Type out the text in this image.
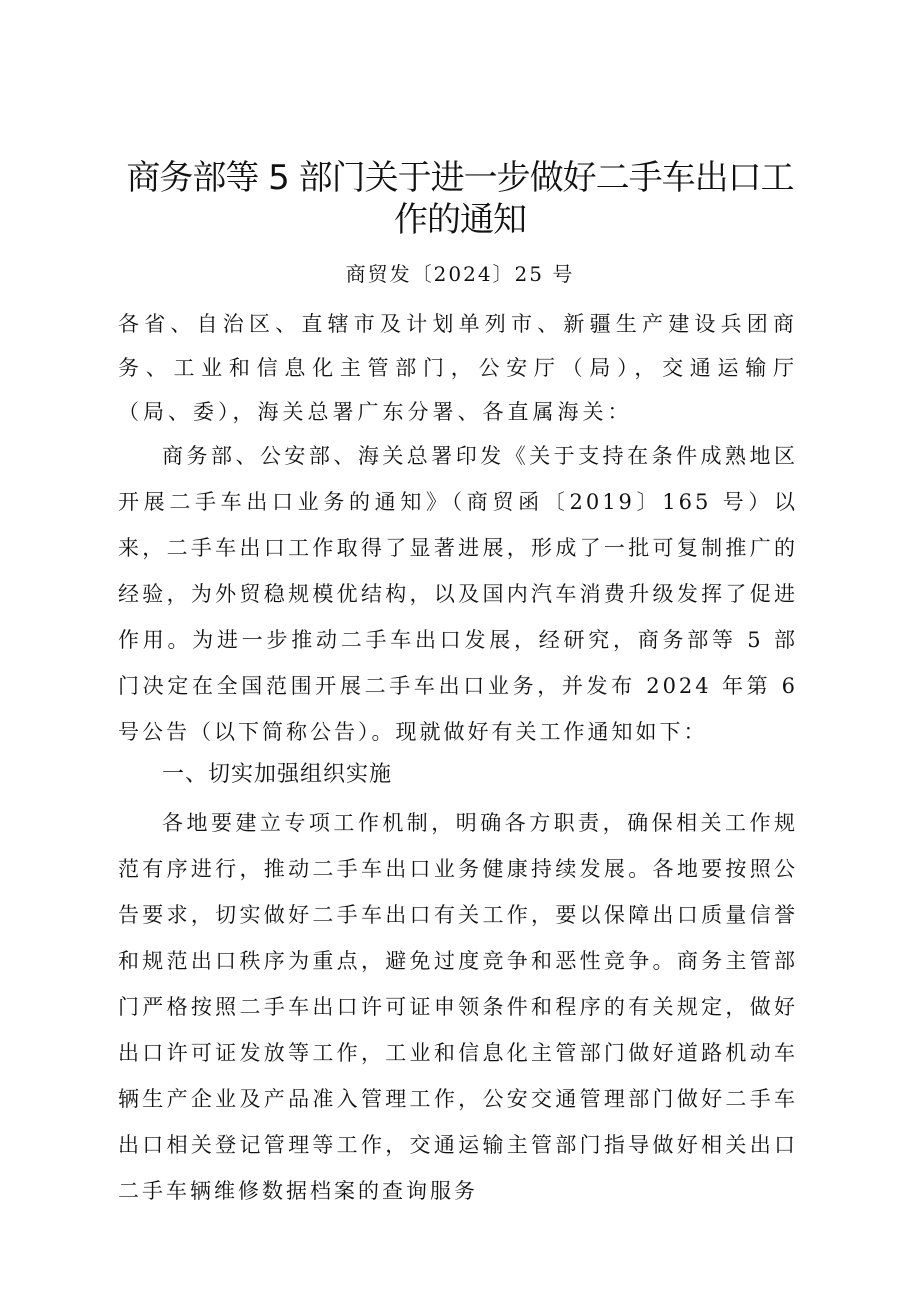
商务部等 5 部门关于进一步做好二手车出口工
作的通知
商贸发〔2024〕25 号
各省、自治区、直辖市及计划单列市、新疆生产建设兵团商务、工业和信息化主管部门，公安厅（局），交通运输厅（局、委），海关总署广东分署、各直属海关：
商务部、公安部、海关总署印发《关于支持在条件成熟地区开展二手车出口业务的通知》（商贸函〔2019〕165 号）以来，二手车出口工作取得了显著进展，形成了一批可复制推广的经验，为外贸稳规模优结构，以及国内汽车消费升级发挥了促进作用。为进一步推动二手车出口发展，经研究，商务部等 5 部门决定在全国范围开展二手车出口业务，并发布 2024 年第 6 号公告（以下简称公告）。现就做好有关工作通知如下：
一、切实加强组织实施
各地要建立专项工作机制，明确各方职责，确保相关工作规范有序进行，推动二手车出口业务健康持续发展。各地要按照公告要求，切实做好二手车出口有关工作，要以保障出口质量信誉和规范出口秩序为重点，避免过度竞争和恶性竞争。商务主管部门严格按照二手车出口许可证申领条件和程序的有关规定，做好出口许可证发放等工作，工业和信息化主管部门做好道路机动车辆生产企业及产品准入管理工作，公安交通管理部门做好二手车出口相关登记管理等工作，交通运输主管部门指导做好相关出口二手车辆维修数据档案的查询服务
